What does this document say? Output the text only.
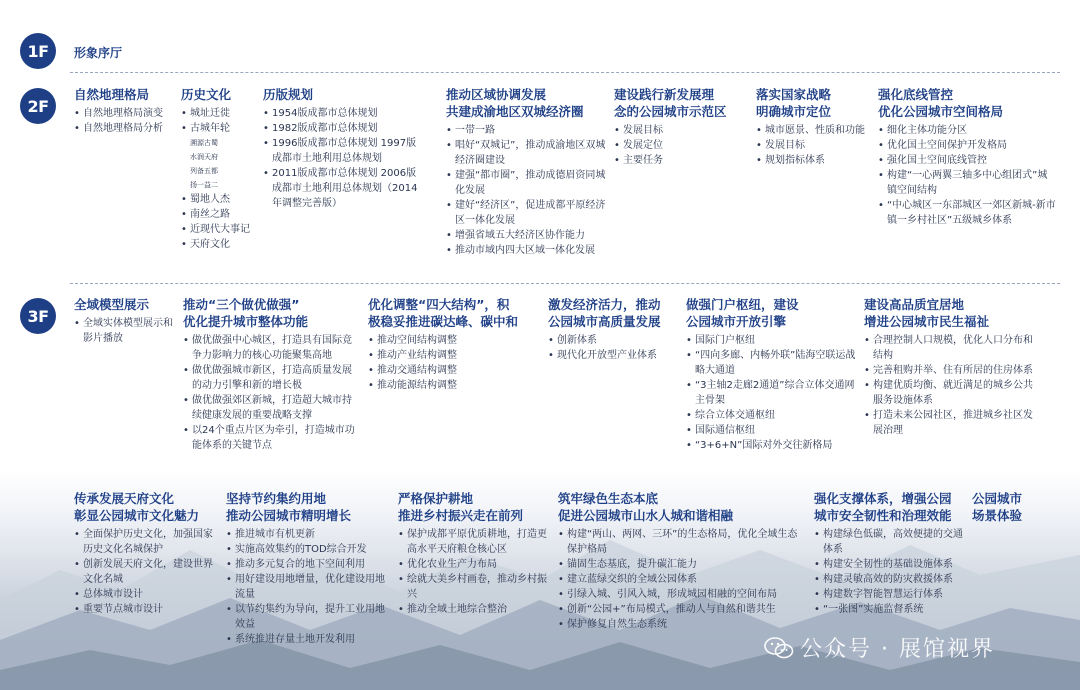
1F	形象序厅
2F
自然地理格局
• 自然地理格局演变
• 自然地理格局分析
历史文化
• 城址迁徙
• 古城年轮
溯源古蜀
水润天府
列备五都
扬一益二
• 蜀地人杰
• 南丝之路
• 近现代大事记
• 天府文化
历版规划
• 1954版成都市总体规划
• 1982版成都市总体规划
• 1996版成都市总体规划 1997版成都市土地利用总体规划
• 2011版成都市总体规划 2006版成都市土地利用总体规划（2014年调整完善版）
推动区域协调发展
共建成渝地区双城经济圈
• 一带一路
• 唱好“双城记”，推动成渝地区双城经济圈建设
• 建强“都市圈”，推动成德眉资同城化发展
• 建好“经济区”，促进成都平原经济区一体化发展
• 增强省域五大经济区协作能力
• 推动市域内四大区域一体化发展
建设践行新发展理
念的公园城市示范区
• 发展目标
• 发展定位
• 主要任务
落实国家战略
明确城市定位
• 城市愿景、性质和功能
• 发展目标
• 规划指标体系
强化底线管控
优化公园城市空间格局
• 细化主体功能分区
• 优化国土空间保护开发格局
• 强化国土空间底线管控
• 构建“一心两翼三轴多中心组团式”城镇空间结构
• “中心城区一东部城区一郊区新城-新市镇一乡村社区”五级城乡体系
3F
全域模型展示
• 全域实体模型展示和影片播放
推动“三个做优做强”
优化提升城市整体功能
• 做优做强中心城区，打造具有国际竞争力影响力的核心功能聚集高地
• 做优做强城市新区，打造高质量发展的动力引擎和新的增长极
• 做优做强郊区新城，打造超大城市持续健康发展的重要战略支撑
• 以24个重点片区为牵引，打造城市功能体系的关键节点
优化调整“四大结构”，积
极稳妥推进碳达峰、碳中和
• 推动空间结构调整
• 推动产业结构调整
• 推动交通结构调整
• 推动能源结构调整
激发经济活力，推动
公园城市高质量发展
• 创新体系
• 现代化开放型产业体系
做强门户枢纽，建设
公园城市开放引擎
• 国际门户枢纽
• “四向多廊、内畅外联”陆海空联运战略大通道
• “3主轴2走廊2通道”综合立体交通网主骨架
• 综合立体交通枢纽
• 国际通信枢纽
• “3+6+N”国际对外交往新格局
建设高品质宜居地
增进公园城市民生福祉
• 合理控制人口规模，优化人口分布和结构
• 完善租购并举、住有所居的住房体系
• 构建优质均衡、就近满足的城乡公共服务设施体系
• 打造未来公园社区，推进城乡社区发展治理
传承发展天府文化
彰显公园城市文化魅力
• 全面保护历史文化，加强国家历史文化名城保护
• 创新发展天府文化，建设世界文化名城
• 总体城市设计
• 重要节点城市设计
坚持节约集约用地
推动公园城市精明增长
• 推进城市有机更新
• 实施高效集约的TOD综合开发
• 推动多元复合的地下空间利用
• 用好建设用地增量，优化建设用地流量
• 以节约集约为导向，提升工业用地效益
• 系统推进存量土地开发利用
严格保护耕地
推进乡村振兴走在前列
• 保护成都平原优质耕地，打造更高水平天府粮仓核心区
• 优化农业生产力布局
• 绘就大美乡村画卷，推动乡村振兴
• 推动全域土地综合整治
筑牢绿色生态本底
促进公园城市山水人城和谐相融
• 构建“两山、两网、三环”的生态格局，优化全域生态保护格局
• 锚固生态基底，提升碳汇能力
• 建立蓝绿交织的全域公园体系
• 引绿入城、引风入城，形成城园相融的空间布局
• 创新“公园+”布局模式，推动人与自然和谐共生
• 保护修复自然生态系统
强化支撑体系，增强公园
城市安全韧性和治理效能
• 构建绿色低碳，高效便捷的交通体系
• 构建安全韧性的基础设施体系
• 构建灵敏高效的防灾救援体系
• 构建数字智能智慧运行体系
• “一张图”实施监督系统
公园城市
场景体验
公众号 · 展馆视界
